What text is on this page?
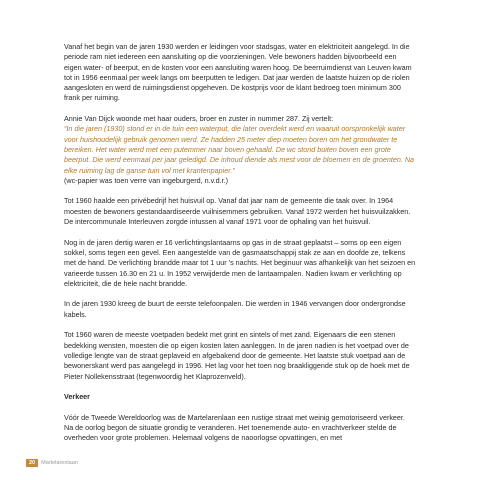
Vanaf het begin van de jaren 1930 werden er leidingen voor stadsgas, water en elektriciteit aangelegd. In die periode ram niet iedereen een aansluiting op die voorzieningen. Vele bewoners hadden bijvoorbeeld een eigen water- of beerput, en de kosten voor een aansluiting waren hoog. De beerruimdienst van Leuven kwam tot in 1956 eenmaal per week langs om beerputten te ledigen. Dat jaar werden de laatste huizen op de riolen aangesloten en werd de ruimingsdienst opgeheven. De kostprijs voor de klant bedroeg toen minimum 300 frank per ruiming.

Annie Van Dijck woonde met haar ouders, broer en zuster in nummer 287. Zij vertelt:
“In die jaren (1930) stond er in de tuin een waterput, die later overdekt werd en waaruit oorspronkelijk water voor huishoudelijk gebruik genomen werd. Ze hadden 25 meter diep moeten boren om het grondwater te bereiken. Het water werd met een putemmer naar boven gehaald. De wc stond buiten boven een grote beerput. Die werd eenmaal per jaar geledigd. De inhoud diende als mest voor de bloemen en de groenten. Na elke ruiming lag de ganse tuin vol met krantenpapier.”
(wc-papier was toen verre van ingeburgerd, n.v.d.r.)

Tot 1960 haalde een privébedrijf het huisvuil op. Vanaf dat jaar nam de gemeente die taak over. In 1964 moesten de bewoners gestandaardiseerde vuilnisemmers gebruiken. Vanaf 1972 werden het huisvuilzakken. De intercommunale Interleuven zorgde intussen al vanaf 1971 voor de ophaling van het huisvuil.

Nog in de jaren dertig waren er 16 verlichtingslantaarns op gas in de straat geplaatst – soms op een eigen sokkel, soms tegen een gevel. Een aangestelde van de gasmaatschappij stak ze aan en doofde ze, telkens met de hand. De verlichting brandde maar tot 1 uur ’s nachts. Het beginuur was afhankelijk van het seizoen en varieerde tussen 16.30 en 21 u. In 1952 verwijderde men de lantaarnpalen. Nadien kwam er verlichting op elektriciteit, die de hele nacht brandde.

In de jaren 1930 kreeg de buurt de eerste telefoonpalen. Die werden in 1946 vervangen door ondergrondse kabels.

Tot 1960 waren de meeste voetpaden bedekt met grint en sintels of met zand. Eigenaars die een stenen bedekking wensten, moesten die op eigen kosten laten aanleggen. In de jaren nadien is het voetpad over de volledige lengte van de straat geplaveid en afgebakend door de gemeente. Het laatste stuk voetpad aan de bewonerskant werd pas aangelegd in 1996. Het lag voor het toen nog braakliggende stuk op de hoek met de Pieter Nollekensstraat (tegenwoordig het Klaprozenveld).

Verkeer

Vóór de Tweede Wereldoorlog was de Martelarenlaan een rustige straat met weinig gemotoriseerd verkeer. Na de oorlog begon de situatie grondig te veranderen. Het toenemende auto- en vrachtverkeer stelde de overheden voor grote problemen. Helemaal volgens de naoorlogse opvattingen, en met

20	Martelarenlaan
